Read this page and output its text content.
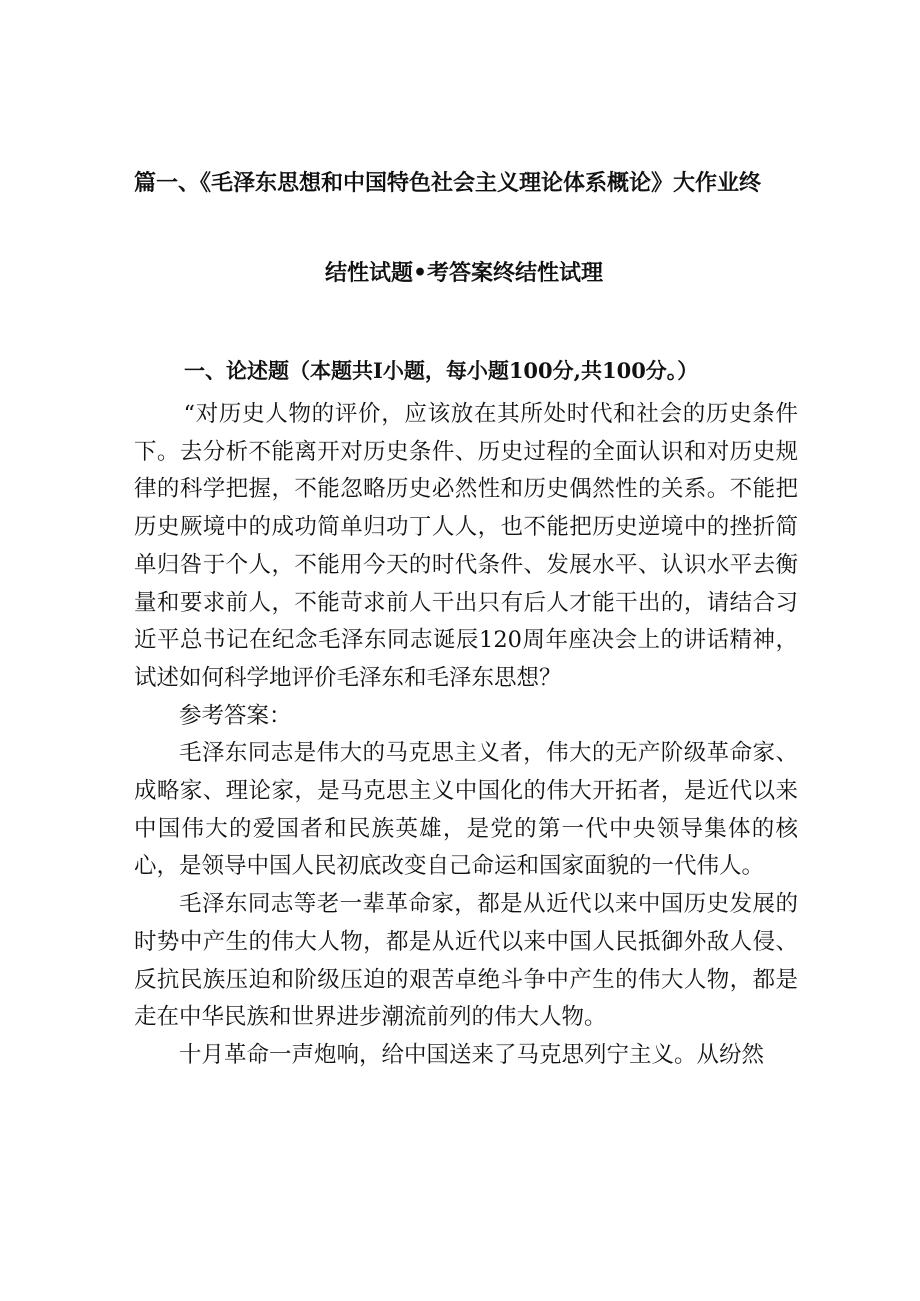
篇一、《毛泽东思想和中国特色社会主义理论体系概论》大作业终
结性试题•考答案终结性试理
一、论述题（本题共I小题，每小题100分,共100分。）

“对历史人物的评价，应该放在其所处时代和社会的历史条件下。去分析不能离开对历史条件、历史过程的全面认识和对历史规律的科学把握，不能忽略历史必然性和历史偶然性的关系。不能把历史厥境中的成功简单归功丁人人，也不能把历史逆境中的挫折简单归咎于个人，不能用今天的时代条件、发展水平、认识水平去衡量和要求前人，不能苛求前人干出只有后人才能干出的，请结合习近平总书记在纪念毛泽东同志诞辰120周年座决会上的讲话精神，试述如何科学地评价毛泽东和毛泽东思想？

参考答案：

毛泽东同志是伟大的马克思主义者，伟大的无产阶级革命家、成略家、理论家，是马克思主义中国化的伟大开拓者，是近代以来中国伟大的爱国者和民族英雄，是党的第一代中央领导集体的核心，是领导中国人民初底改变自己命运和国家面貌的一代伟人。

毛泽东同志等老一辈革命家，都是从近代以来中国历史发展的时势中产生的伟大人物，都是从近代以来中国人民抵御外敌人侵、反抗民族压迫和阶级压迫的艰苦卓绝斗争中产生的伟大人物，都是走在中华民族和世界进步潮流前列的伟大人物。

十月革命一声炮响，给中国送来了马克思列宁主义。从纷然
